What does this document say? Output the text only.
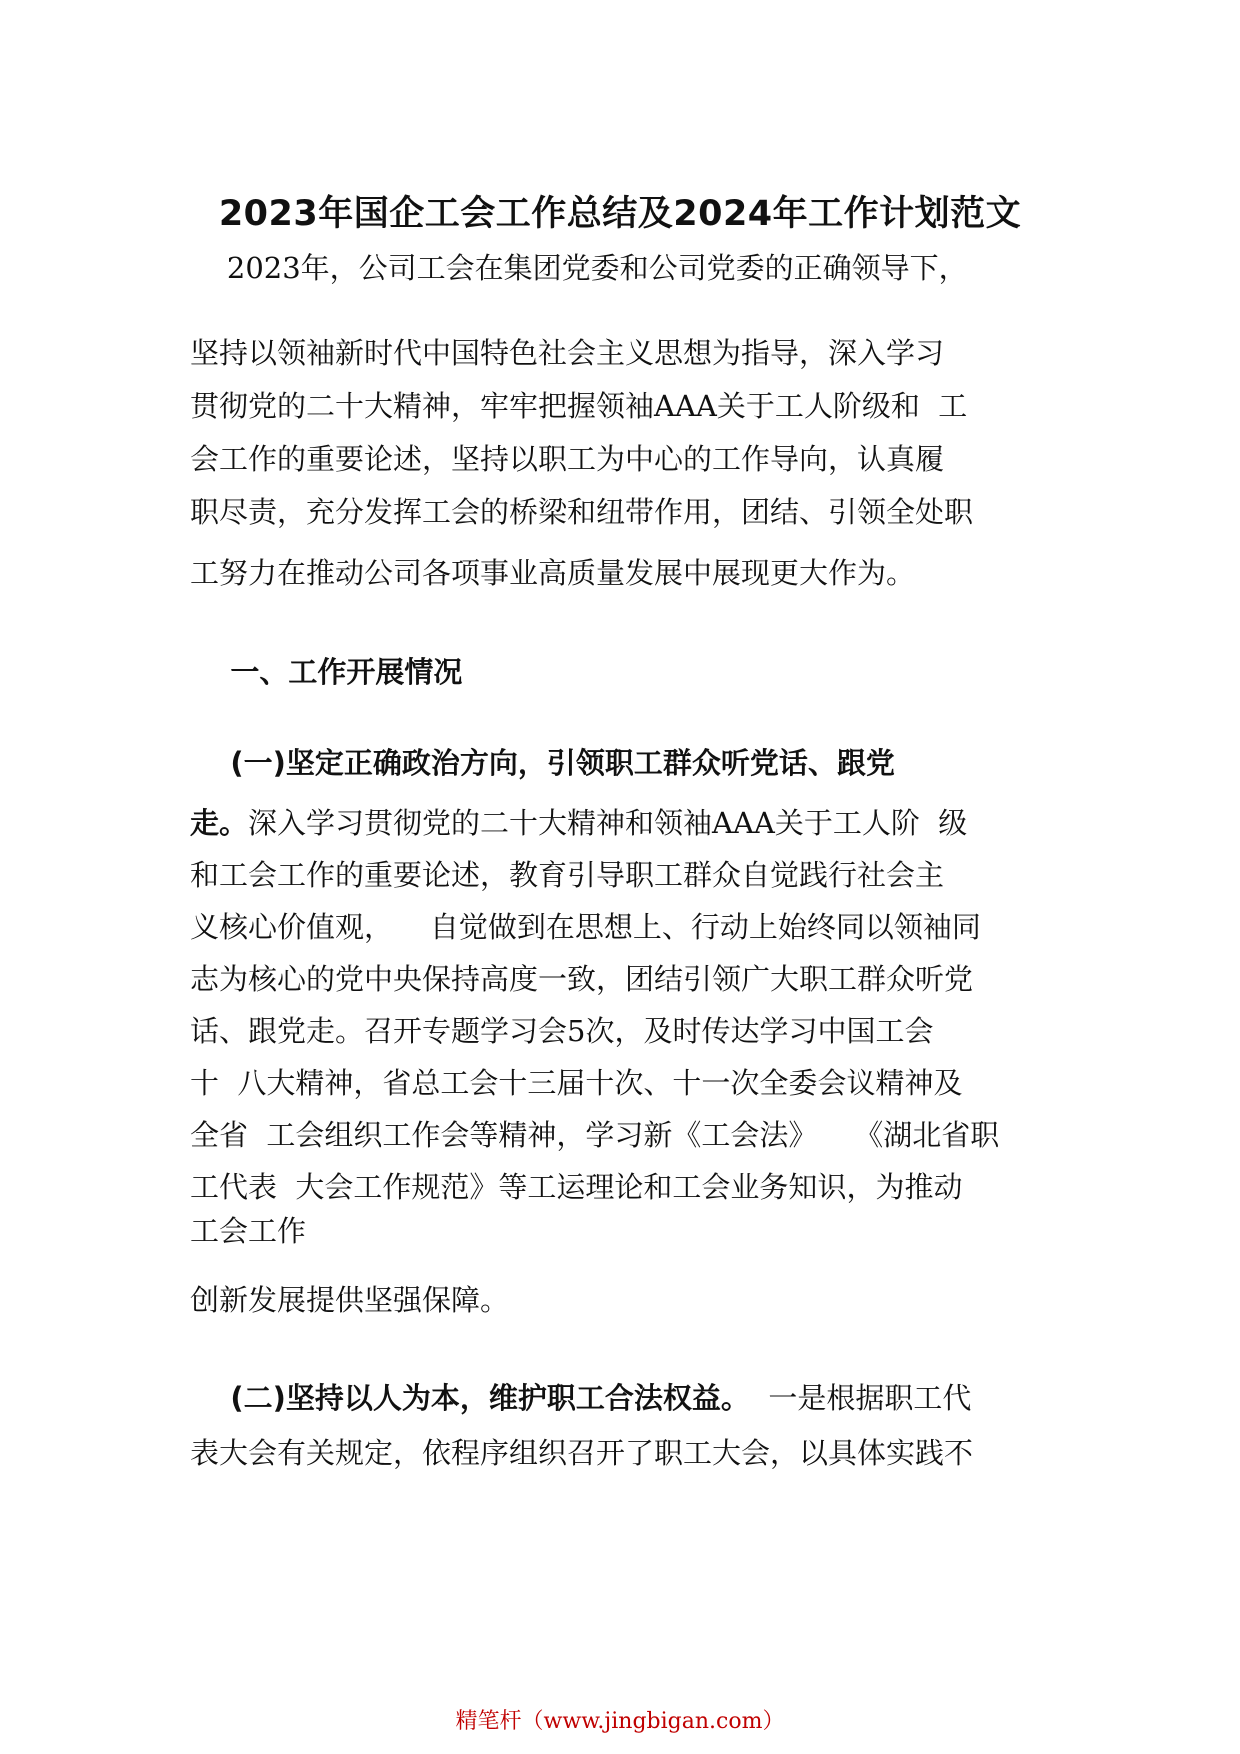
2023年国企工会工作总结及2024年工作计划范文

2023年，公司工会在集团党委和公司党委的正确领导下，

坚持以领袖新时代中国特色社会主义思想为指导，深入学习

贯彻党的二十大精神，牢牢把握领袖AAA关于工人阶级和  工

会工作的重要论述，坚持以职工为中心的工作导向，认真履

职尽责，充分发挥工会的桥梁和纽带作用，团结、引领全处职

工努力在推动公司各项事业高质量发展中展现更大作为。

一、工作开展情况

(一)坚定正确政治方向，引领职工群众听党话、跟党

走。深入学习贯彻党的二十大精神和领袖AAA关于工人阶  级

和工会工作的重要论述，教育引导职工群众自觉践行社会主

义核心价值观，    自觉做到在思想上、行动上始终同以领袖同

志为核心的党中央保持高度一致，团结引领广大职工群众听党

话、跟党走。召开专题学习会5次，及时传达学习中国工会

十  八大精神，省总工会十三届十次、十一次全委会议精神及

全省  工会组织工作会等精神，学习新《工会法》    《湖北省职

工代表  大会工作规范》等工运理论和工会业务知识，为推动

工会工作

创新发展提供坚强保障。

(二)坚持以人为本，维护职工合法权益。  一是根据职工代

表大会有关规定，依程序组织召开了职工大会，以具体实践不

精笔杆（www.jingbigan.com）
